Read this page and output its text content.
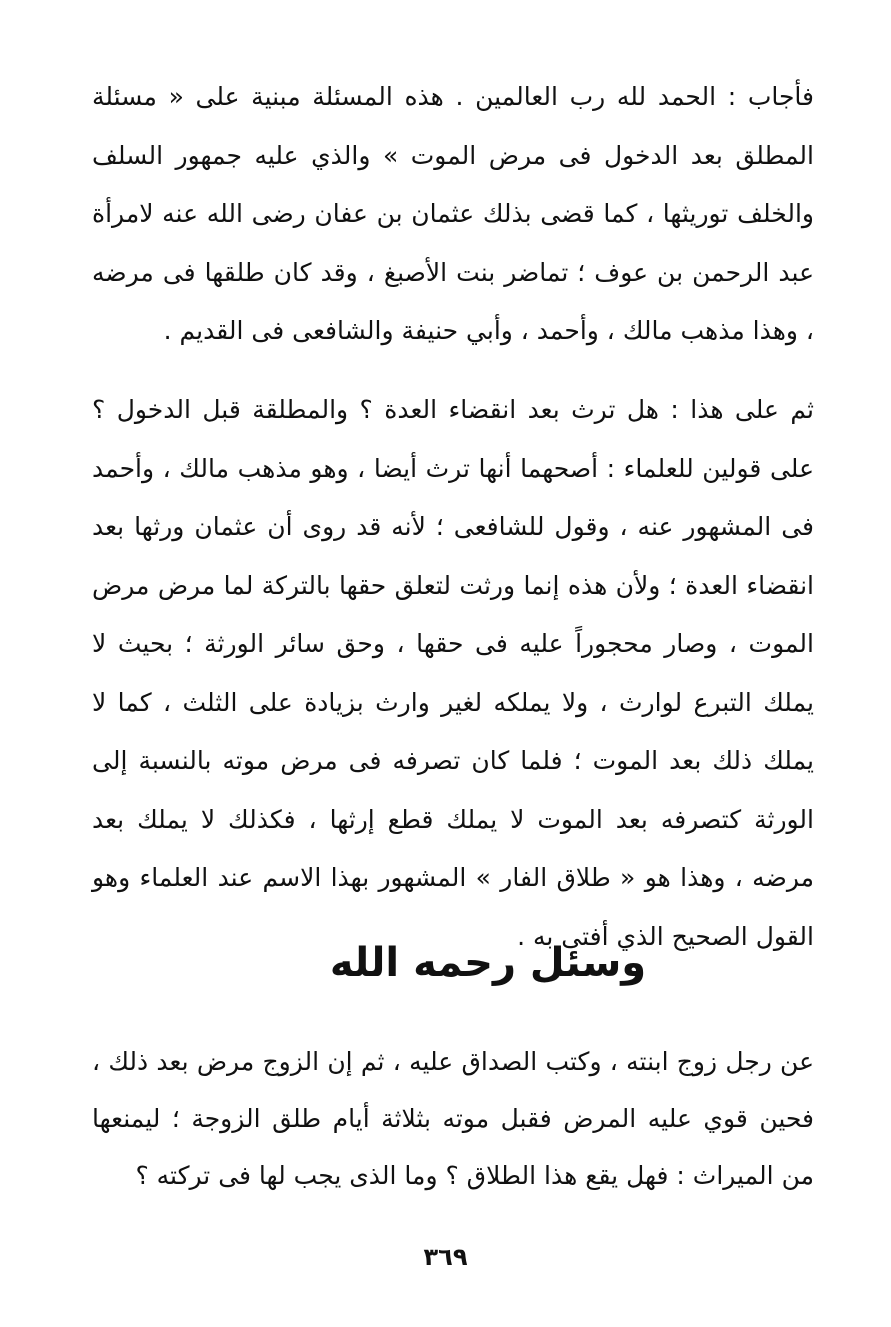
فأجاب : الحمد لله رب العالمين . هذه المسئلة مبنية على « مسئلة المطلق بعد الدخول فى مرض الموت » والذي عليه جمهور السلف والخلف توريثها ، كما قضى بذلك عثمان بن عفان رضى الله عنه لامرأة عبد الرحمن بن عوف ؛ تماضر بنت الأصبغ ، وقد كان طلقها فى مرضه ، وهذا مذهب مالك ، وأحمد ، وأبي حنيفة والشافعى فى القديم .

ثم على هذا : هل ترث بعد انقضاء العدة ؟ والمطلقة قبل الدخول ؟ على قولين للعلماء : أصحهما أنها ترث أيضا ، وهو مذهب مالك ، وأحمد فى المشهور عنه ، وقول للشافعى ؛ لأنه قد روى أن عثمان ورثها بعد انقضاء العدة ؛ ولأن هذه إنما ورثت لتعلق حقها بالتركة لما مرض مرض الموت ، وصار محجوراً عليه فى حقها ، وحق سائر الورثة ؛ بحيث لا يملك التبرع لوارث ، ولا يملكه لغير وارث بزيادة على الثلث ، كما لا يملك ذلك بعد الموت ؛ فلما كان تصرفه فى مرض موته بالنسبة إلى الورثة كتصرفه بعد الموت لا يملك قطع إرثها ، فكذلك لا يملك بعد مرضه ، وهذا هو « طلاق الفار » المشهور بهذا الاسم عند العلماء وهو القول الصحيح الذي أفتى به .

وسئل رحمه الله

عن رجل زوج ابنته ، وكتب الصداق عليه ، ثم إن الزوج مرض بعد ذلك ، فحين قوي عليه المرض فقبل موته بثلاثة أيام طلق الزوجة ؛ ليمنعها من الميراث : فهل يقع هذا الطلاق ؟ وما الذى يجب لها فى تركته ؟

٣٦٩
